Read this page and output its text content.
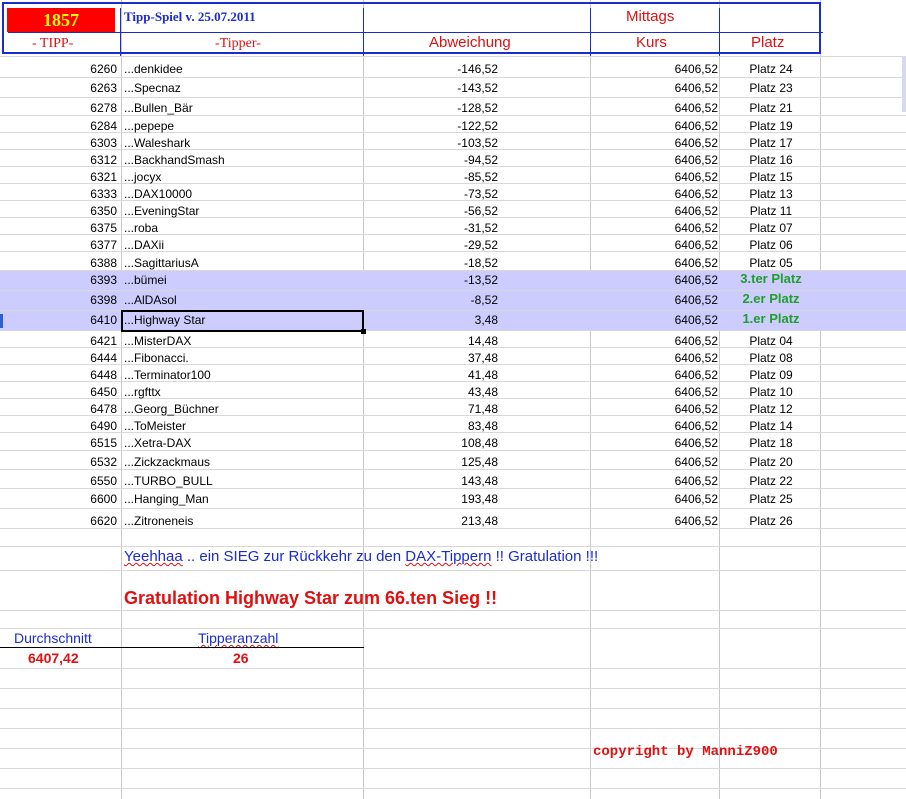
1857	Tipp-Spiel v. 25.07.2011	Mittags
- TIPP-	-Tipper-	Abweichung	Kurs	Platz
6260 ...denkidee	-146,52	6406,52	Platz 24
6263 ...Specnaz	-143,52	6406,52	Platz 23
6278 ...Bullen_Bär	-128,52	6406,52	Platz 21
6284 ...pepepe	-122,52	6406,52	Platz 19
6303 ...Waleshark	-103,52	6406,52	Platz 17
6312 ...BackhandSmash	-94,52	6406,52	Platz 16
6321 ...jocyx	-85,52	6406,52	Platz 15
6333 ...DAX10000	-73,52	6406,52	Platz 13
6350 ...EveningStar	-56,52	6406,52	Platz 11
6375 ...roba	-31,52	6406,52	Platz 07
6377 ...DAXii	-29,52	6406,52	Platz 06
6388 ...SagittariusA	-18,52	6406,52	Platz 05
6393 ...bümei	-13,52	6406,52	3.ter Platz
6398 ...AlDAsol	-8,52	6406,52	2.er Platz
6410 ...Highway Star	3,48	6406,52	1.er Platz
6421 ...MisterDAX	14,48	6406,52	Platz 04
6444 ...Fibonacci.	37,48	6406,52	Platz 08
6448 ...Terminator100	41,48	6406,52	Platz 09
6450 ...rgfttx	43,48	6406,52	Platz 10
6478 ...Georg_Büchner	71,48	6406,52	Platz 12
6490 ...ToMeister	83,48	6406,52	Platz 14
6515 ...Xetra-DAX	108,48	6406,52	Platz 18
6532 ...Zickzackmaus	125,48	6406,52	Platz 20
6550 ...TURBO_BULL	143,48	6406,52	Platz 22
6600 ...Hanging_Man	193,48	6406,52	Platz 25
6620 ...Zitroneneis	213,48	6406,52	Platz 26
Yeehhaa .. ein SIEG zur Rückkehr zu den DAX-Tippern !! Gratulation !!!
Gratulation Highway Star zum 66.ten Sieg !!
Durchschnitt	Tipperanzahl
6407,42	26
copyright by ManniZ900
